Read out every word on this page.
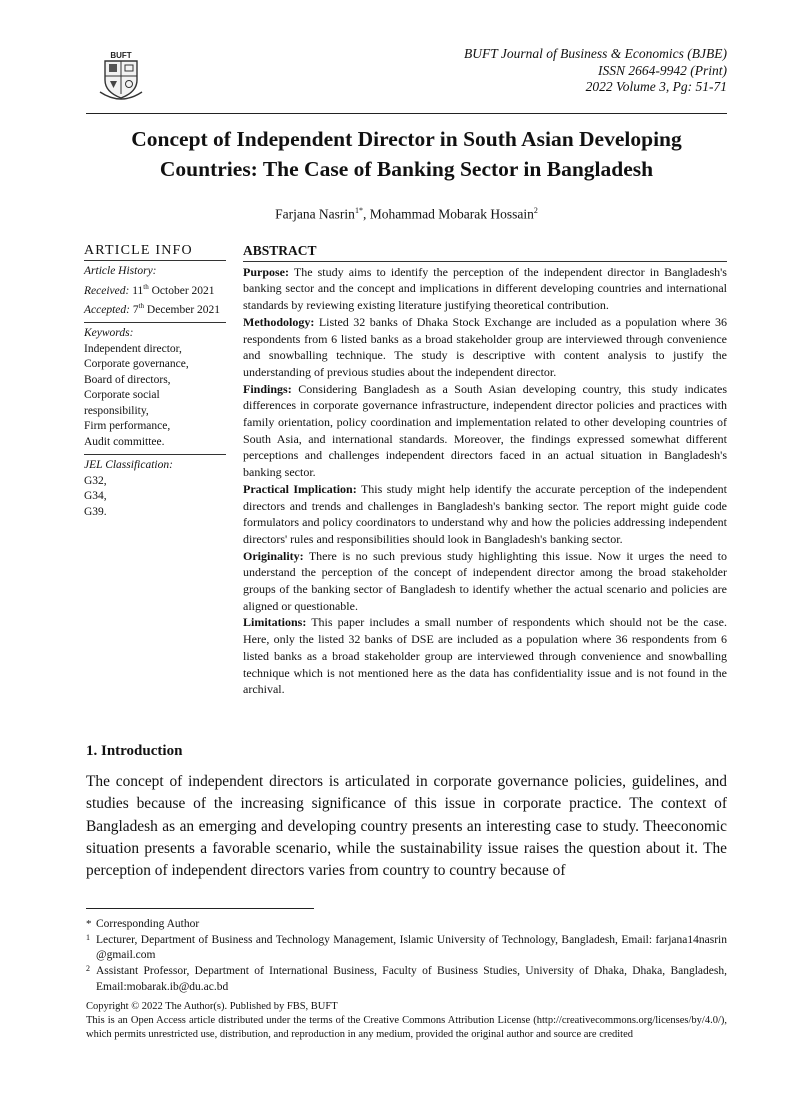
BUFT	BUFT Journal of Business & Economics (BJBE)
ISSN 2664-9942 (Print)
2022 Volume 3, Pg: 51-71
Concept of Independent Director in South Asian Developing
Countries: The Case of Banking Sector in Bangladesh
Farjana Nasrin$^{1*}$, Mohammad Mobarak Hossain$^2$
ARTICLE INFO
Article History:
Received: 11th October 2021
Accepted: 7th December 2021
Keywords:
Independent director,
Corporate governance,
Board of directors,
Corporate social responsibility,
Firm performance,
Audit committee.
JEL Classification:
G32,
G34,
G39.
ABSTRACT

Purpose: The study aims to identify the perception of the independent director in Bangladesh's banking sector and the concept and implications in different developing countries and international standards by reviewing existing literature justifying theoretical contribution.

Methodology: Listed 32 banks of Dhaka Stock Exchange are included as a population where 36 respondents from 6 listed banks as a broad stakeholder group are interviewed through convenience and snowballing technique. The study is descriptive with content analysis to justify the understanding of previous studies about the independent director.

Findings: Considering Bangladesh as a South Asian developing country, this study indicates differences in corporate governance infrastructure, independent director policies and practices with family orientation, policy coordination and implementation related to other developing countries of South Asia, and international standards. Moreover, the findings expressed somewhat different perceptions and challenges independent directors faced in an actual situation in Bangladesh's banking sector.

Practical Implication: This study might help identify the accurate perception of the independent directors and trends and challenges in Bangladesh's banking sector. The report might guide code formulators and policy coordinators to understand why and how the policies addressing independent directors' rules and responsibilities should look in Bangladesh's banking sector.

Originality: There is no such previous study highlighting this issue. Now it urges the need to understand the perception of the concept of independent director among the broad stakeholder groups of the banking sector of Bangladesh to identify whether the actual scenario and policies are aligned or questionable.

Limitations: This paper includes a small number of respondents which should not be the case. Here, only the listed 32 banks of DSE are included as a population where 36 respondents from 6 listed banks as a broad stakeholder group are interviewed through convenience and snowballing technique which is not mentioned here as the data has confidentiality issue and is not found in the archival.

1. Introduction

The concept of independent directors is articulated in corporate governance policies, guidelines, and studies because of the increasing significance of this issue in corporate practice. The context of Bangladesh as an emerging and developing country presents an interesting case to study. Theeconomic situation presents a favorable scenario, while the sustainability issue raises the question about it. The perception of independent directors varies from country to country because of

* Corresponding Author
1 Lecturer, Department of Business and Technology Management, Islamic University of Technology, Bangladesh, Email: farjana14nasrin @gmail.com
2 Assistant Professor, Department of International Business, Faculty of Business Studies, University of Dhaka, Dhaka, Bangladesh, Email:mobarak.ib@du.ac.bd
Copyright © 2022 The Author(s). Published by FBS, BUFT
This is an Open Access article distributed under the terms of the Creative Commons Attribution License (http://creativecommons.org/licenses/by/4.0/), which permits unrestricted use, distribution, and reproduction in any medium, provided the original author and source are credited
